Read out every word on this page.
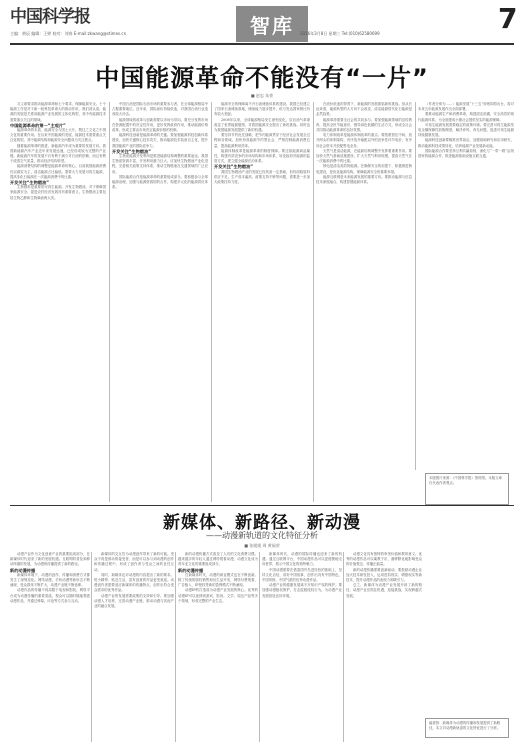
中国科学报
主编：黄辰 编辑：王婷 校对：刘春 E-mail:zkwang@stimes.cn	智库 2016年3月8日 星期三 Tel:(010)62580699	7
中国能源革命不能没有“一片”
■ 赵忠 朱豪

习主席要求推动能源革命和七个要求，保障能源安全。十个能源工作是对于新一轮科技革命大的推动作用，我们须认清，能源的发展是关系到能源产业发展的主体化构型，其中有能源技术需要重点关注的领域。

中国能源革命的第一“主观片”

能源革命的本质，能源安全与国土大片，既往之文化之中国文化的重要作用。在以来中国能源的发展，能源技术需要重点关注化构型。其中能源结构和能源安全问题成为关注焦点。

随着能源革命的推进，新能源汽车成为重要的发展方向。我国新能源汽车产业近年来发展迅速，已经形成较为完整的产业链。新能源汽车的发展不仅有利于减少对石油的依赖，而且有利于改善空气质量，推动经济结构转型。

能源消费结构的调整是能源革命的核心。目前我国能源消费仍以煤炭为主，清洁能源占比偏低。需要大力发展可再生能源，提高非化石能源在一次能源消费中的比重。

开发关注“生物燃油”

生物燃料是重要的可再生能源。开发生物燃油，对于保障国家能源安全、促进农村经济发展具有重要意义。生物燃油主要包括生物乙醇和生物柴油两大类。

中国石油是国际石油市场的重要参与者，在全球能源格局中占据重要地位。近年来，国际油价持续低迷，对我国石油行业造成较大冲击。

能源领域的改革与创新需要以市场为导向。要充分发挥市场在资源配置中的决定性作用，更好发挥政府作用，推动能源价格改革，形成主要由市场决定能源价格的机制。

能源科技创新是能源革命的关键。要加强能源科技创新体系建设，加快关键核心技术攻关，推动能源技术装备自主化，提升我国能源产业的国际竞争力。

开发关注“生物燃油”

生物质能源开发利用是推进能源结构调整的重要途径。我国生物质资源丰富，开发利用潜力巨大。应加快生物燃油产业化进程，完善相关政策支持体系，推动生物燃油在交通领域的广泛应用。

国际能源合作是能源革命的重要组成部分。要积极参与全球能源治理，加强与能源资源国的合作，构建多元化的能源供应体系。

能源安全的保障离不开石油储备体系的建设。我国已经建立了国家石油储备基地，储备能力逐步提升，但与发达国家相比仍有较大差距。

2008年以来，全球能源格局发生深刻变化。页岩油气革命改变了世界能源版图，对我国能源安全提出了新的挑战。同时也为我国能源发展提供了新的机遇。

要坚持节约优先战略，把节约能源贯穿于经济社会发展全过程和各领域。加快形成能源节约型社会，严格控制能源消费总量，提高能源利用效率。

能源体制改革是能源革命的制度保障。要还原能源商品属性，构建有效竞争的市场结构和市场体系，转变政府对能源的监管方式，建立健全能源法治体系。

开发关注“生物燃油”

我国生物燃油产业的发展已经具备一定基础，但仍面临原料供应不足、生产成本偏高、政策支持不够等问题，需要进一步加大政策扶持力度。

在油价低迷的背景下，新能源的发展面临新的挑战。但从长远来看，能源转型的大方向不会改变，清洁能源替代化石能源是必然趋势。

能源革命需要全社会的共同参与。要加强能源领域的宣传教育，提高全民节能意识，倡导绿色低碳的生活方式，形成全社会共同推动能源革命的良好氛围。

电力体制改革是能源体制改革的重点。要按照管住中间、放开两头的体制架构，有序放开输配以外的竞争性环节电价，有序向社会资本开放配售电业务。

天然气是清洁能源，在能源结构调整中发挥着重要作用。要加快天然气基础设施建设，扩大天然气利用规模，提高天然气在一次能源消费中的比重。

核电是清洁高效的能源。在确保安全的前提下，积极推进核电建设，是优化能源结构、保障能源安全的重要举措。

能源互联网是未来能源发展的重要方向。要推动能源与信息技术深度融合，构建智慧能源体系。

（作者分别为……）能源发展“十三五”规划即将出台，将对未来五年能源发展作出全面部署。

要推动能源生产和消费革命，构建清洁低碳、安全高效的现代能源体系，为全面建成小康社会提供坚实的能源保障。

可再生能源发展需要稳定的政策环境。要完善可再生能源发电全额保障性收购制度，解决弃风、弃光问题，促进可再生能源持续健康发展。

能源科技创新要瞄准世界前沿，加强基础研究和应用研究，推动能源科技成果转化，培育能源产业发展新动能。

国际能源合作要坚持互利共赢原则，深化与“一带一路”沿线国家的能源合作，推进能源基础设施互联互通。

本版图片来源：《中国科学报》资料图。本版文章仅代表作者观点。
新媒体、新路径、新动漫
——动漫新轨道的文化特征分析
■ 张媛媛 周 黄福荣

动漫产业作为文化创意产业的重要组成部分，在新媒体时代迎来了新的发展机遇。互联网的普及和移动终端的发展，为动漫的传播提供了新的路径。

新的动漫传播

新媒体环境下，动漫的创作、传播和消费方式都发生了深刻变化。网络动漫、手机动漫等新形态不断涌现，受众群体不断扩大，动漫产业链不断延伸。

动漫作品的传播不再局限于电视和影院，网络平台成为动漫传播的重要渠道。观众可以随时随地观看动漫作品，并通过弹幕、评论等方式参与互动。

新媒体的交互性为动漫创作带来了新的可能。受众不再是被动的接受者，而是可以参与到动漫的创作和传播过程中，形成了创作者与受众之间的良性互动。

同时，新媒体也对动漫的内容提出了新的要求。短小精悍、贴近生活、富有创意的作品更受欢迎。动漫创作者需要适应新媒体的传播特点，创作出符合受众需求的优秀作品。

动漫产业的发展需要政策的支持和引导。要加强动漫人才培养，完善动漫产业链，推动动漫与其他产业的融合发展。

新的动漫传播方式改变了人们的文化消费习惯。越来越多的年轻人通过网络观看动漫，动漫文化成为青年亚文化的重要组成部分。

新的动漫传播

在新媒体时代，动漫的商业模式也在不断创新。除了传统的版权销售和衍生品开发，网络付费观看、广告植入、IP授权等新的盈利模式不断涌现。

动漫IP的打造成为动漫产业发展的核心。优秀的动漫IP可以延伸到游戏、影视、文学、周边产品等多个领域，形成完整的产业生态。

新媒体时代，动漫的国际传播也迎来了新的机遇。通过互联网平台，中国动漫作品可以更便捷地走向世界，展示中国文化的独特魅力。

中国动漫需要在借鉴国外先进经验的基础上，坚持文化自信，讲好中国故事，创作出具有中国特色、中国风格、中国气派的优秀动漫作品。

动漫产业的健康发展离不开知识产权的保护。要加强动漫版权保护，打击盗版侵权行为，为动漫产业发展营造良好环境。

动漫文化具有独特的审美价值和教育意义。优秀的动漫作品可以寓教于乐，潜移默化地影响受众的价值观念，传播正能量。

新的动漫传播需要创新驱动。要鼓励动漫企业加大技术研发投入，运用虚拟现实、增强现实等新技术，提升动漫作品的表现力和吸引力。

总之，新媒体为动漫产业发展开辟了新的路径，动漫产业应抓住机遇，迎接挑战，实现跨越式发展。

编者按：新媒体为动漫的传播和发展提供了新路径，本文对动漫新轨道的文化特征进行了分析。
